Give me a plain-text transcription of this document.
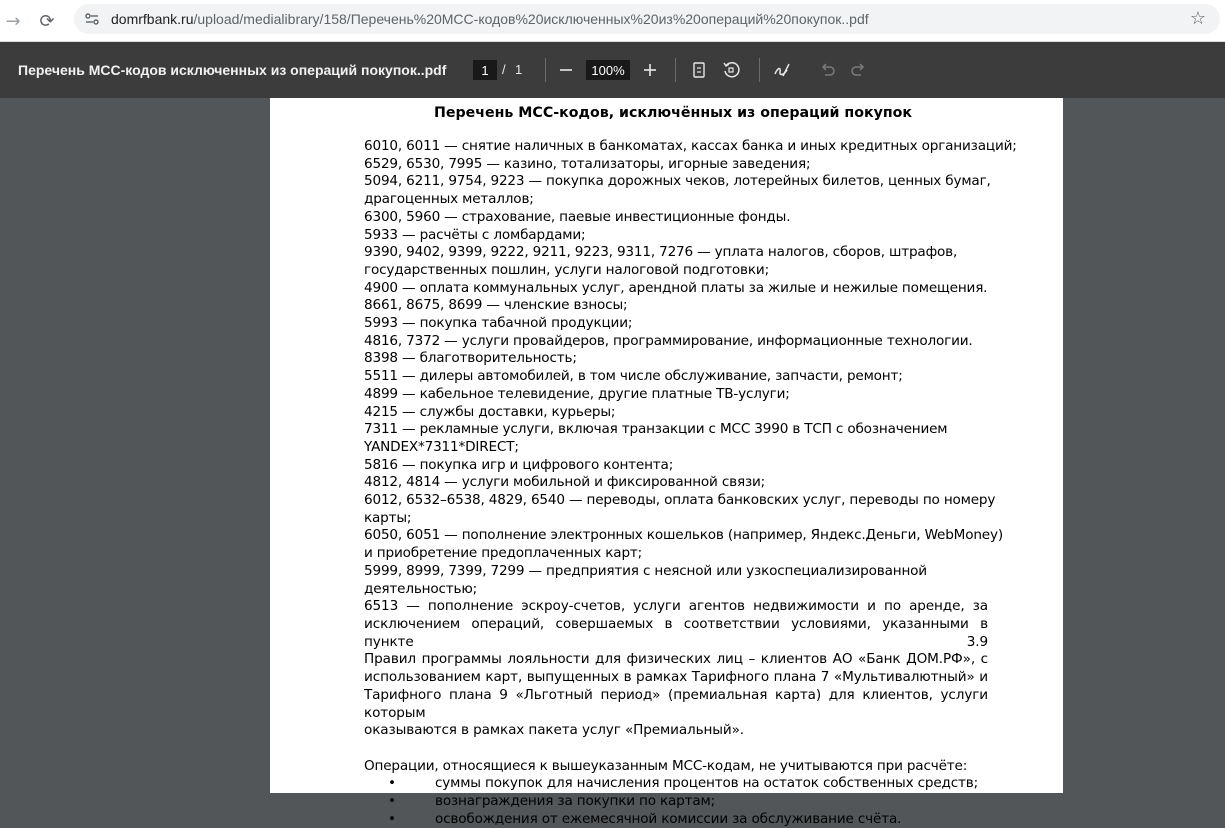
→	⟳	domrfbank.ru/upload/medialibrary/158/Перечень%20МСС-кодов%20исключенных%20из%20операций%20покупок..pdf	☆
Перечень МСС-кодов исключенных из операций покупок..pdf
1	/ 1
100%
Перечень МСС-кодов, исключённых из операций покупок
6010, 6011 — снятие наличных в банкоматах, кассах банка и иных кредитных организаций;
6529, 6530, 7995 — казино, тотализаторы, игорные заведения;
5094, 6211, 9754, 9223 — покупка дорожных чеков, лотерейных билетов, ценных бумаг,
драгоценных металлов;
6300, 5960 — страхование, паевые инвестиционные фонды.
5933 — расчёты с ломбардами;
9390, 9402, 9399, 9222, 9211, 9223, 9311, 7276 — уплата налогов, сборов, штрафов,
государственных пошлин, услуги налоговой подготовки;
4900 — оплата коммунальных услуг, арендной платы за жилые и нежилые помещения.
8661, 8675, 8699 — членские взносы;
5993 — покупка табачной продукции;
4816, 7372 — услуги провайдеров, программирование, информационные технологии.
8398 — благотворительность;
5511 — дилеры автомобилей, в том числе обслуживание, запчасти, ремонт;
4899 — кабельное телевидение, другие платные ТВ-услуги;
4215 — службы доставки, курьеры;
7311 — рекламные услуги, включая транзакции с МСС 3990 в ТСП с обозначением
YANDEX*7311*DIRECT;
5816 — покупка игр и цифрового контента;
4812, 4814 — услуги мобильной и фиксированной связи;
6012, 6532–6538, 4829, 6540 — переводы, оплата банковских услуг, переводы по номеру
карты;
6050, 6051 — пополнение электронных кошельков (например, Яндекс.Деньги, WebMoney)
и приобретение предоплаченных карт;
5999, 8999, 7399, 7299 — предприятия с неясной или узкоспециализированной
деятельностью;
6513 — пополнение эскроу-счетов, услуги агентов недвижимости и по аренде, за
исключением операций, совершаемых в соответствии условиями, указанными в пункте 3.9
Правил программы лояльности для физических лиц – клиентов АО «Банк ДОМ.РФ», с
использованием карт, выпущенных в рамках Тарифного плана 7 «Мультивалютный» и
Тарифного плана 9 «Льготный период» (премиальная карта) для клиентов, услуги которым
оказываются в рамках пакета услуг «Премиальный».
Операции, относящиеся к вышеуказанным МСС-кодам, не учитываются при расчёте:
•	суммы покупок для начисления процентов на остаток собственных средств;
•	вознаграждения за покупки по картам;
•	освобождения от ежемесячной комиссии за обслуживание счёта.
